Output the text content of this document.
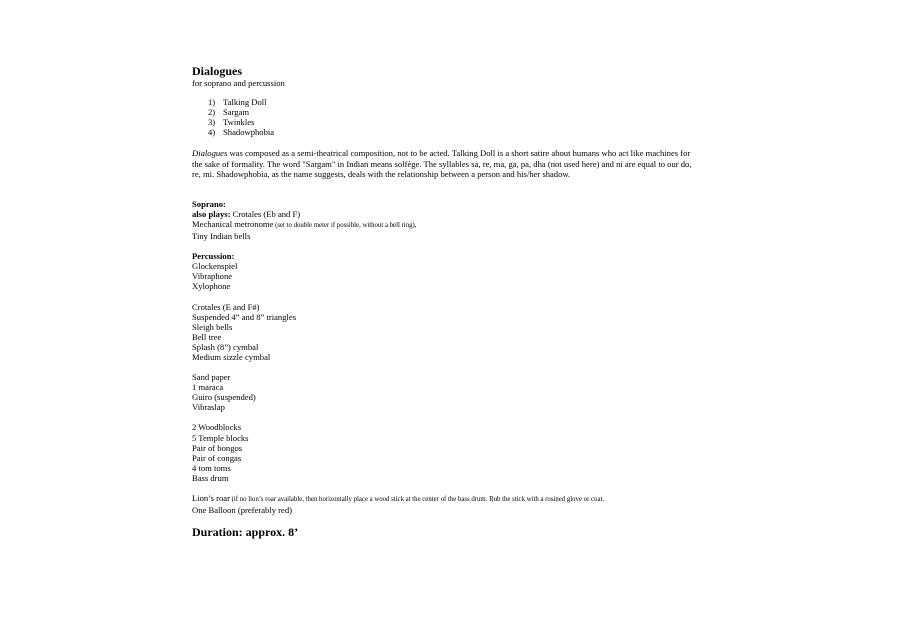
Dialogues

for soprano and percussion

1) Talking Doll
2) Sargam
3) Twinkles
4) Shadowphobia

Dialogues was composed as a semi-theatrical composition, not to be acted. Talking Doll is a short satire about humans who act like machines for the sake of formality. The word "Sargam" in Indian means solfège. The syllables sa, re, ma, ga, pa, dha (not used here) and ni are equal to our do, re, mi. Shadowphobia, as the name suggests, deals with the relationship between a person and his/her shadow.

Soprano:

also plays: Crotales (Eb and F)

Mechanical metronome (set to double meter if possible, without a bell ring),

Tiny Indian bells

Percussion:

Glockenspiel

Vibraphone

Xylophone

Crotales (E and F#)

Suspended 4” and 8” triangles

Sleigh bells

Bell tree

Splash (8”) cymbal

Medium sizzle cymbal

Sand paper

1 maraca

Guiro (suspended)

Vibraslap

2 Woodblocks

5 Temple blocks

Pair of bongos

Pair of congas

4 tom toms

Bass drum

Lion’s roar (if no lion’s roar available, then horizontally place a wood stick at the center of the bass drum. Rub the stick with a rosined glove or coat.

One Balloon (preferably red)

Duration: approx. 8’
